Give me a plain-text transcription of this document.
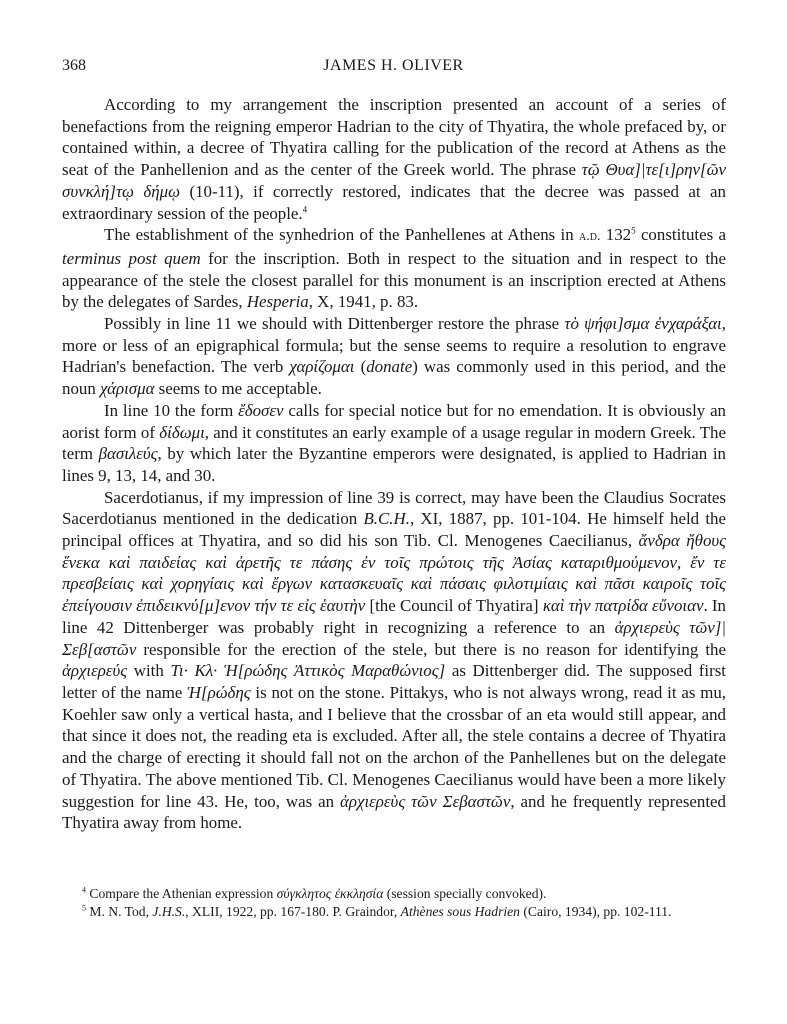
368	JAMES H. OLIVER

According to my arrangement the inscription presented an account of a series of benefactions from the reigning emperor Hadrian to the city of Thyatira, the whole prefaced by, or contained within, a decree of Thyatira calling for the publication of the record at Athens as the seat of the Panhellenion and as the center of the Greek world. The phrase τῷ Θυα]|τε[ι]ρην[ῶν συνκλή]τῳ δήμῳ (10-11), if correctly restored, indicates that the decree was passed at an extraordinary session of the people.$^4$

The establishment of the synhedrion of the Panhellenes at Athens in a.d. $132^5$ constitutes a terminus post quem for the inscription. Both in respect to the situation and in respect to the appearance of the stele the closest parallel for this monument is an inscription erected at Athens by the delegates of Sardes, Hesperia, X, 1941, p. 83.

Possibly in line 11 we should with Dittenberger restore the phrase τὸ ψήφι]σμα ἐνχαράξαι, more or less of an epigraphical formula; but the sense seems to require a resolution to engrave Hadrian's benefaction. The verb χαρίζομαι (donate) was commonly used in this period, and the noun χάρισμα seems to me acceptable.

In line 10 the form ἔδοσεν calls for special notice but for no emendation. It is obviously an aorist form of δίδωμι, and it constitutes an early example of a usage regular in modern Greek. The term βασιλεύς, by which later the Byzantine emperors were designated, is applied to Hadrian in lines 9, 13, 14, and 30.

Sacerdotianus, if my impression of line 39 is correct, may have been the Claudius Socrates Sacerdotianus mentioned in the dedication B.C.H., XI, 1887, pp. 101-104. He himself held the principal offices at Thyatira, and so did his son Tib. Cl. Menogenes Caecilianus, ἄνδρα ἤθους ἕνεκα καὶ παιδείας καὶ ἀρετῆς τε πάσης ἐν τοῖς πρώτοις τῆς Ἀσίας καταριθμούμενον, ἔν τε πρεσβείαις καὶ χορηγίαις καὶ ἔργων κατασκευαῖς καὶ πάσαις φιλοτιμίαις καὶ πᾶσι καιροῖς τοῖς ἐπείγουσιν ἐπιδεικνύ[μ]ενον τήν τε εἰς ἑαυτὴν [the Council of Thyatira] καὶ τὴν πατρίδα εὔνοιαν. In line 42 Dittenberger was probably right in recognizing a reference to an ἀρχιερεὺς τῶν]| Σεβ[αστῶν responsible for the erection of the stele, but there is no reason for identifying the ἀρχιερεύς with Τι· Κλ· Ἡ[ρώδης Ἀττικὸς Μαραθώνιος] as Dittenberger did. The supposed first letter of the name Ἡ[ρώδης is not on the stone. Pittakys, who is not always wrong, read it as mu, Koehler saw only a vertical hasta, and I believe that the crossbar of an eta would still appear, and that since it does not, the reading eta is excluded. After all, the stele contains a decree of Thyatira and the charge of erecting it should fall not on the archon of the Panhellenes but on the delegate of Thyatira. The above mentioned Tib. Cl. Menogenes Caecilianus would have been a more likely suggestion for line 43. He, too, was an ἀρχιερεὺς τῶν Σεβαστῶν, and he frequently represented Thyatira away from home.

$^4$ Compare the Athenian expression σύγκλητος ἐκκλησία (session specially convoked).

$^5$ M. N. Tod, J.H.S., XLII, 1922, pp. 167-180. P. Graindor, Athènes sous Hadrien (Cairo, 1934), pp. 102-111.
